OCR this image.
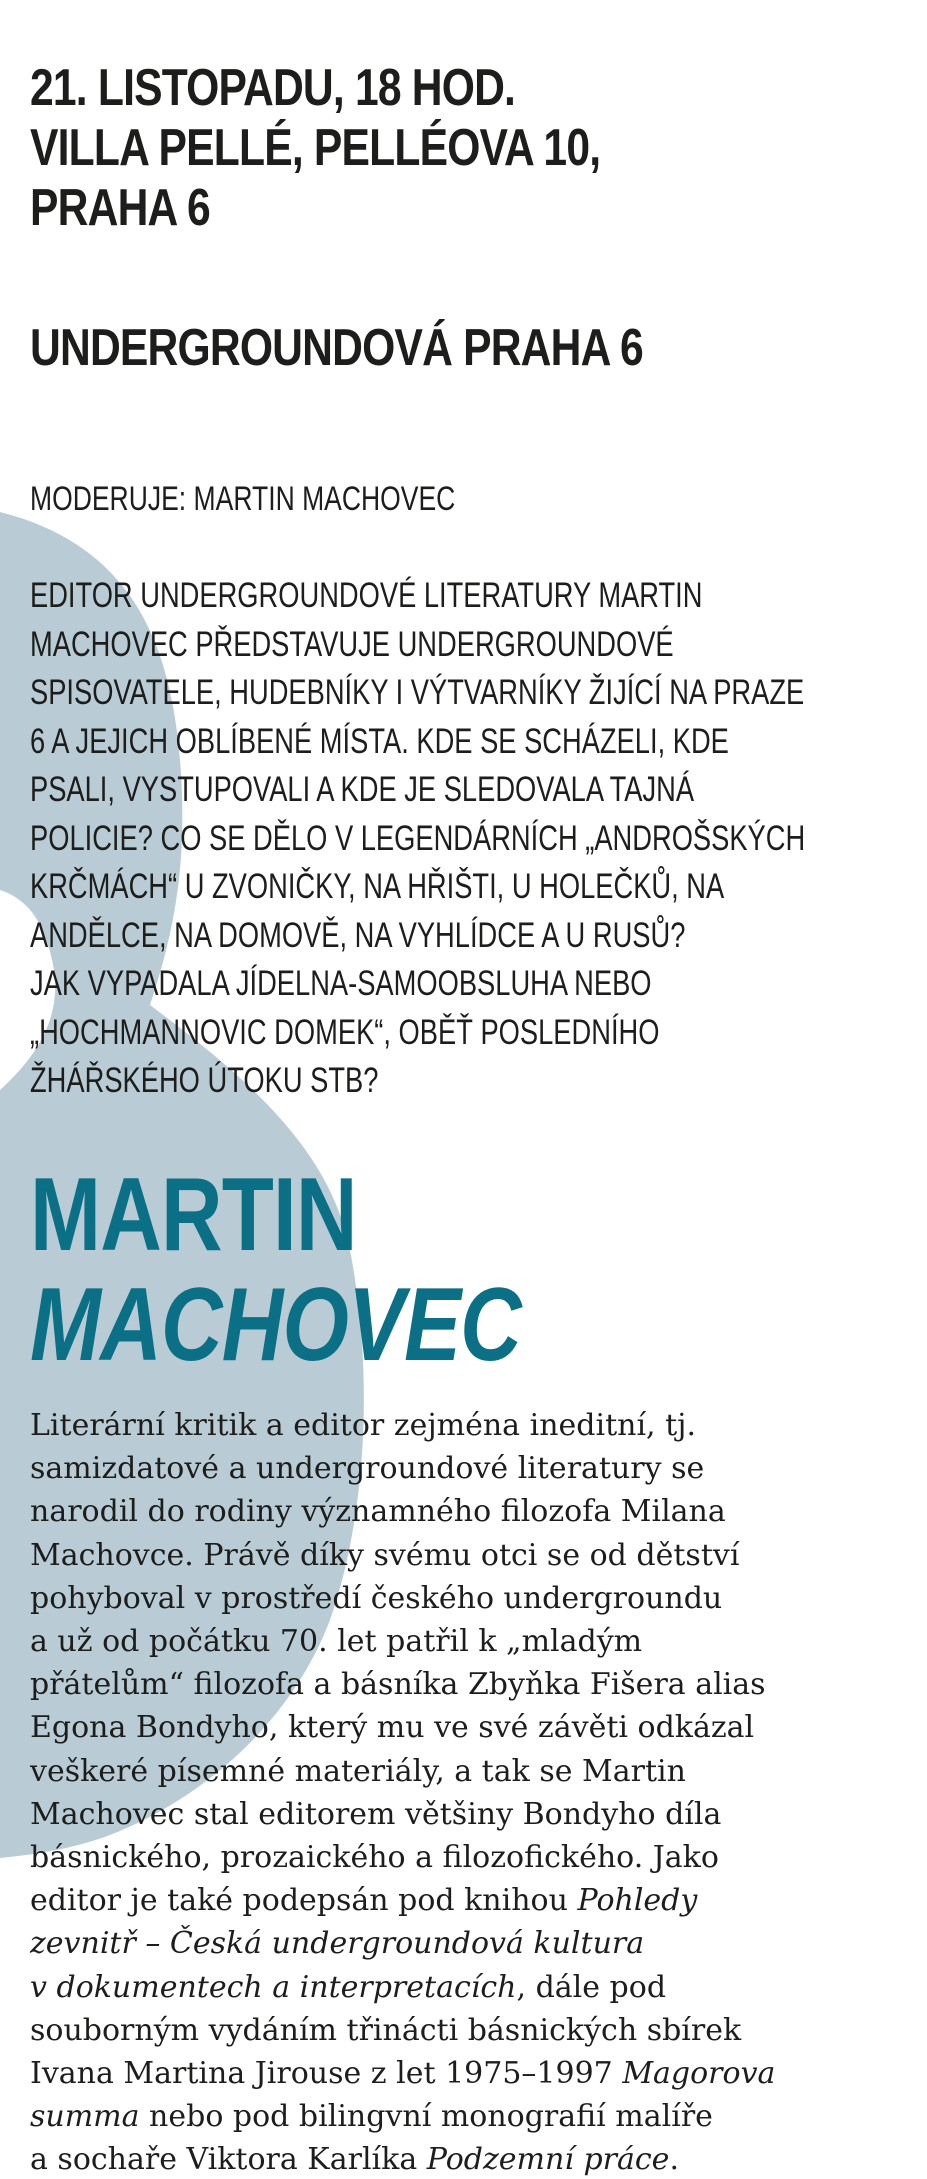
21. LISTOPADU, 18 HOD.
VILLA PELLÉ, PELLÉOVA 10,
PRAHA 6
UNDERGROUNDOVÁ PRAHA 6

MODERUJE: MARTIN MACHOVEC

EDITOR UNDERGROUNDOVÉ LITERATURY MARTIN
MACHOVEC PŘEDSTAVUJE UNDERGROUNDOVÉ
SPISOVATELE, HUDEBNÍKY I VÝTVARNÍKY ŽIJÍCÍ NA PRAZE
6 A JEJICH OBLÍBENÉ MÍSTA. KDE SE SCHÁZELI, KDE
PSALI, VYSTUPOVALI A KDE JE SLEDOVALA TAJNÁ
POLICIE? CO SE DĚLO V LEGENDÁRNÍCH „ANDROŠSKÝCH
KRČMÁCH“ U ZVONIČKY, NA HŘIŠTI, U HOLEČKŮ, NA
ANDĚLCE, NA DOMOVĚ, NA VYHLÍDCE A U RUSŮ?
JAK VYPADALA JÍDELNA-SAMOOBSLUHA NEBO
„HOCHMANNOVIC DOMEK“, OBĚŤ POSLEDNÍHO
ŽHÁŘSKÉHO ÚTOKU STB?

MARTIN
MACHOVEC

Literární kritik a editor zejména ineditní, tj.
samizdatové a undergroundové literatury se
narodil do rodiny významného filozofa Milana
Machovce. Právě díky svému otci se od dětství
pohyboval v prostředí českého undergroundu
a už od počátku 70. let patřil k „mladým
přátelům“ filozofa a básníka Zbyňka Fišera alias
Egona Bondyho, který mu ve své závěti odkázal
veškeré písemné materiály, a tak se Martin
Machovec stal editorem většiny Bondyho díla
básnického, prozaického a filozofického. Jako
editor je také podepsán pod knihou Pohledy
zevnitř – Česká undergroundová kultura
v dokumentech a interpretacích, dále pod
souborným vydáním třinácti básnických sbírek
Ivana Martina Jirouse z let 1975–1997 Magorova
summa nebo pod bilingvní monografií malíře
a sochaře Viktora Karlíka Podzemní práce.
